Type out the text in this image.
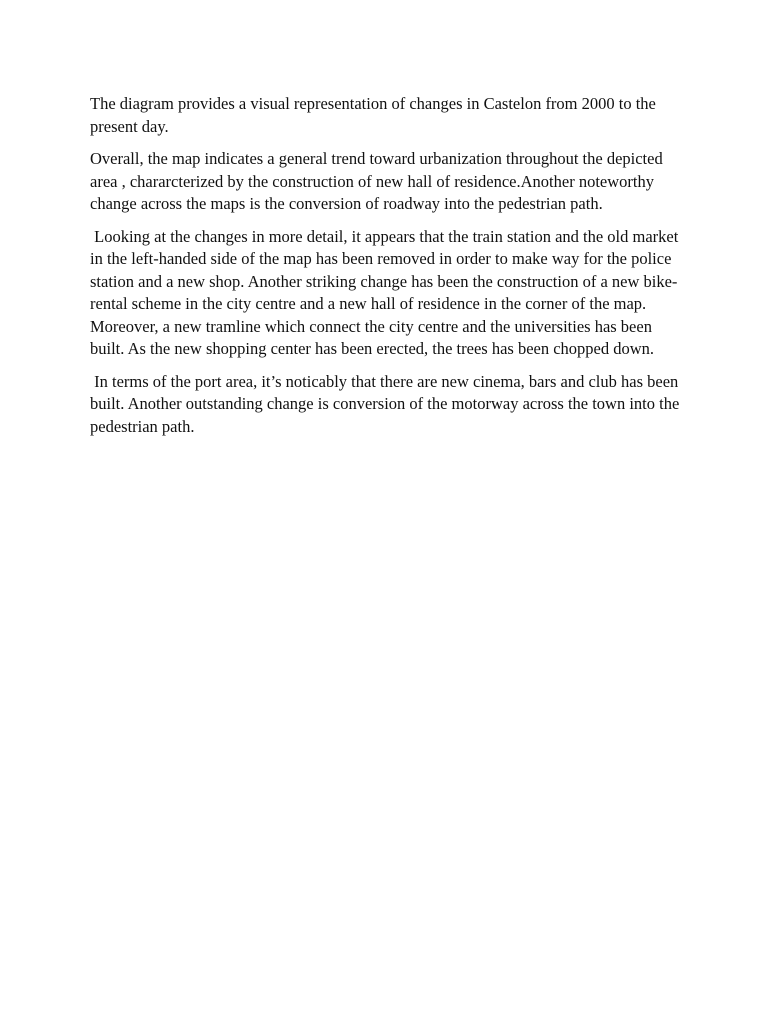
The diagram provides a visual representation of changes in Castelon from 2000 to the present day.

Overall, the map indicates a general trend toward urbanization throughout the depicted area , chararcterized by the construction of new hall of residence.Another noteworthy change across the maps is the conversion of roadway into the pedestrian path.

Looking at the changes in more detail, it appears that the train station and the old market in the left-handed side of the map has been removed in order to make way for the police station and a new shop. Another striking change has been the construction of a new bike-rental scheme in the city centre and a new hall of residence in the corner of the map. Moreover, a new tramline which connect the city centre and the universities has been built. As the new shopping center has been erected, the trees has been chopped down.

In terms of the port area, it’s noticably that there are new cinema, bars and club has been built. Another outstanding change is conversion of the motorway across the town into the pedestrian path.
